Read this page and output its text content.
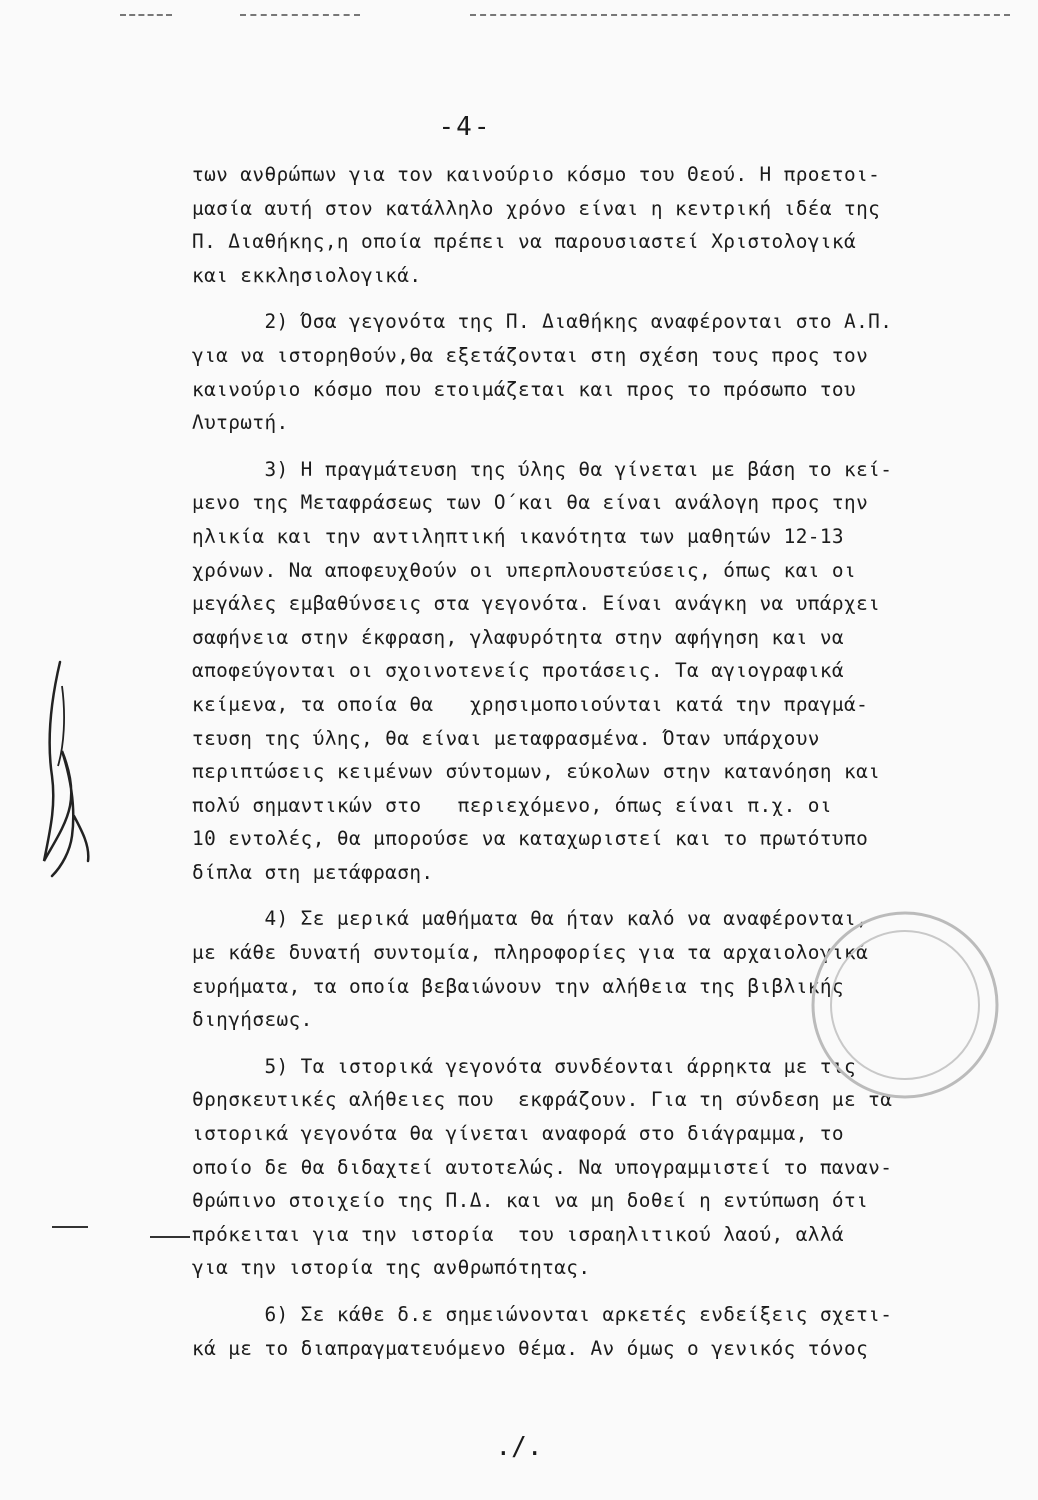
-4-
των ανθρώπων για τον καινούριο κόσμο του Θεού. Η προετοι-
μασία αυτή στον κατάλληλο χρόνο είναι η κεντρική ιδέα της
Π. Διαθήκης,η οποία πρέπει να παρουσιαστεί Χριστολογικά
και εκκλησιολογικά.
2) Όσα γεγονότα της Π. Διαθήκης αναφέρονται στο Α.Π.
για να ιστορηθούν,θα εξετάζονται στη σχέση τους προς τον
καινούριο κόσμο που ετοιμάζεται και προς το πρόσωπο του
Λυτρωτή.
3) Η πραγμάτευση της ύλης θα γίνεται με βάση το κεί-
μενο της Μεταφράσεως των Ο΄και θα είναι ανάλογη προς την
ηλικία και την αντιληπτική ικανότητα των μαθητών 12-13
χρόνων. Να αποφευχθούν οι υπερπλουστεύσεις, όπως και οι
μεγάλες εμβαθύνσεις στα γεγονότα. Είναι ανάγκη να υπάρχει
σαφήνεια στην έκφραση, γλαφυρότητα στην αφήγηση και να
αποφεύγονται οι σχοινοτενείς προτάσεις. Τα αγιογραφικά
κείμενα, τα οποία θα   χρησιμοποιούνται κατά την πραγμά-
τευση της ύλης, θα είναι μεταφρασμένα. Όταν υπάρχουν
περιπτώσεις κειμένων σύντομων, εύκολων στην κατανόηση και
πολύ σημαντικών στο   περιεχόμενο, όπως είναι π.χ. οι
10 εντολές, θα μπορούσε να καταχωριστεί και το πρωτότυπο
δίπλα στη μετάφραση.
4) Σε μερικά μαθήματα θα ήταν καλό να αναφέρονται,
με κάθε δυνατή συντομία, πληροφορίες για τα αρχαιολογικά
ευρήματα, τα οποία βεβαιώνουν την αλήθεια της βιβλικής
διηγήσεως.
5) Τα ιστορικά γεγονότα συνδέονται άρρηκτα με τις
θρησκευτικές αλήθειες που  εκφράζουν. Για τη σύνδεση με τα
ιστορικά γεγονότα θα γίνεται αναφορά στο διάγραμμα, το
οποίο δε θα διδαχτεί αυτοτελώς. Να υπογραμμιστεί το παναν-
θρώπινο στοιχείο της Π.Δ. και να μη δοθεί η εντύπωση ότι
πρόκειται για την ιστορία  του ισραηλιτικού λαού, αλλά
για την ιστορία της ανθρωπότητας.
6) Σε κάθε δ.ε σημειώνονται αρκετές ενδείξεις σχετι-
κά με το διαπραγματευόμενο θέμα. Αν όμως ο γενικός τόνος
./.
